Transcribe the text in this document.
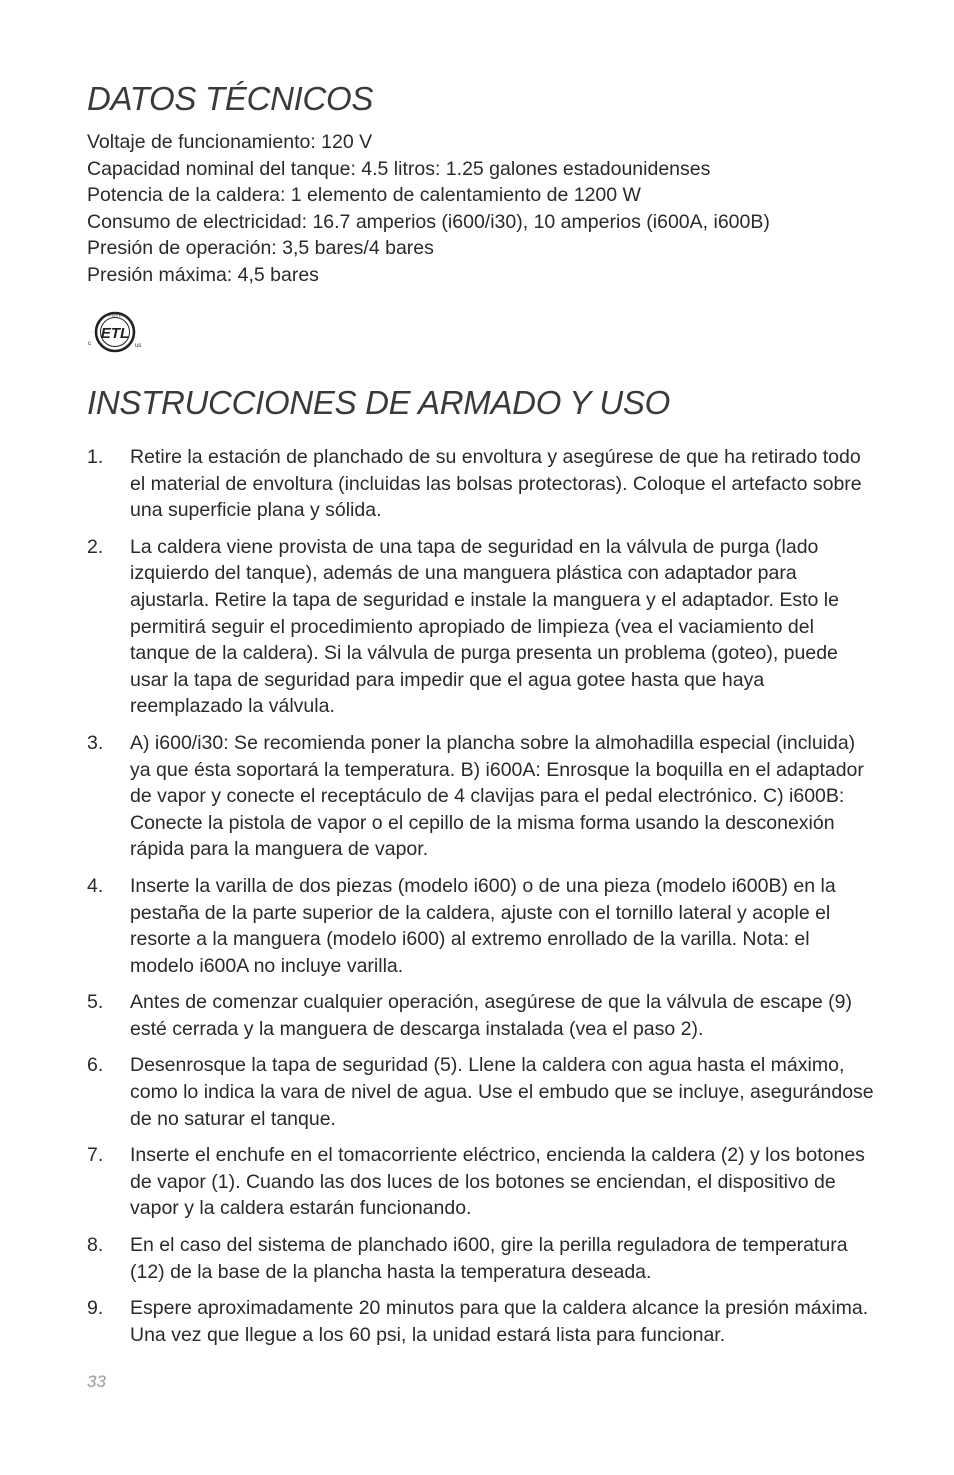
DATOS TÉCNICOS
Voltaje de funcionamiento: 120 V
Capacidad nominal del tanque: 4.5 litros: 1.25 galones estadounidenses
Potencia de la caldera: 1 elemento de calentamiento de 1200 W
Consumo de electricidad: 16.7 amperios (i600/i30), 10 amperios (i600A, i600B)
Presión de operación: 3,5 bares/4 bares
Presión máxima: 4,5 bares
ETL
INTERTEK
c	us
INSTRUCCIONES DE ARMADO Y USO
1. Retire la estación de planchado de su envoltura y asegúrese de que ha retirado todo el material de envoltura (incluidas las bolsas protectoras). Coloque el artefacto sobre una superficie plana y sólida.
2. La caldera viene provista de una tapa de seguridad en la válvula de purga (lado izquierdo del tanque), además de una manguera plástica con adaptador para ajustarla. Retire la tapa de seguridad e instale la manguera y el adaptador. Esto le permitirá seguir el procedimiento apropiado de limpieza (vea el vaciamiento del tanque de la caldera). Si la válvula de purga presenta un problema (goteo), puede usar la tapa de seguridad para impedir que el agua gotee hasta que haya reemplazado la válvula.
3. A) i600/i30: Se recomienda poner la plancha sobre la almohadilla especial (incluida) ya que ésta soportará la temperatura. B) i600A: Enrosque la boquilla en el adaptador de vapor y conecte el receptáculo de 4 clavijas para el pedal electrónico. C) i600B: Conecte la pistola de vapor o el cepillo de la misma forma usando la desconexión rápida para la manguera de vapor.
4. Inserte la varilla de dos piezas (modelo i600) o de una pieza (modelo i600B) en la pestaña de la parte superior de la caldera, ajuste con el tornillo lateral y acople el resorte a la manguera (modelo i600) al extremo enrollado de la varilla. Nota: el modelo i600A no incluye varilla.
5. Antes de comenzar cualquier operación, asegúrese de que la válvula de escape (9) esté cerrada y la manguera de descarga instalada (vea el paso 2).
6. Desenrosque la tapa de seguridad (5). Llene la caldera con agua hasta el máximo, como lo indica la vara de nivel de agua. Use el embudo que se incluye, asegurándose de no saturar el tanque.
7. Inserte el enchufe en el tomacorriente eléctrico, encienda la caldera (2) y los botones de vapor (1). Cuando las dos luces de los botones se enciendan, el dispositivo de vapor y la caldera estarán funcionando.
8. En el caso del sistema de planchado i600, gire la perilla reguladora de temperatura (12) de la base de la plancha hasta la temperatura deseada.
9. Espere aproximadamente 20 minutos para que la caldera alcance la presión máxima. Una vez que llegue a los 60 psi, la unidad estará lista para funcionar.
33
